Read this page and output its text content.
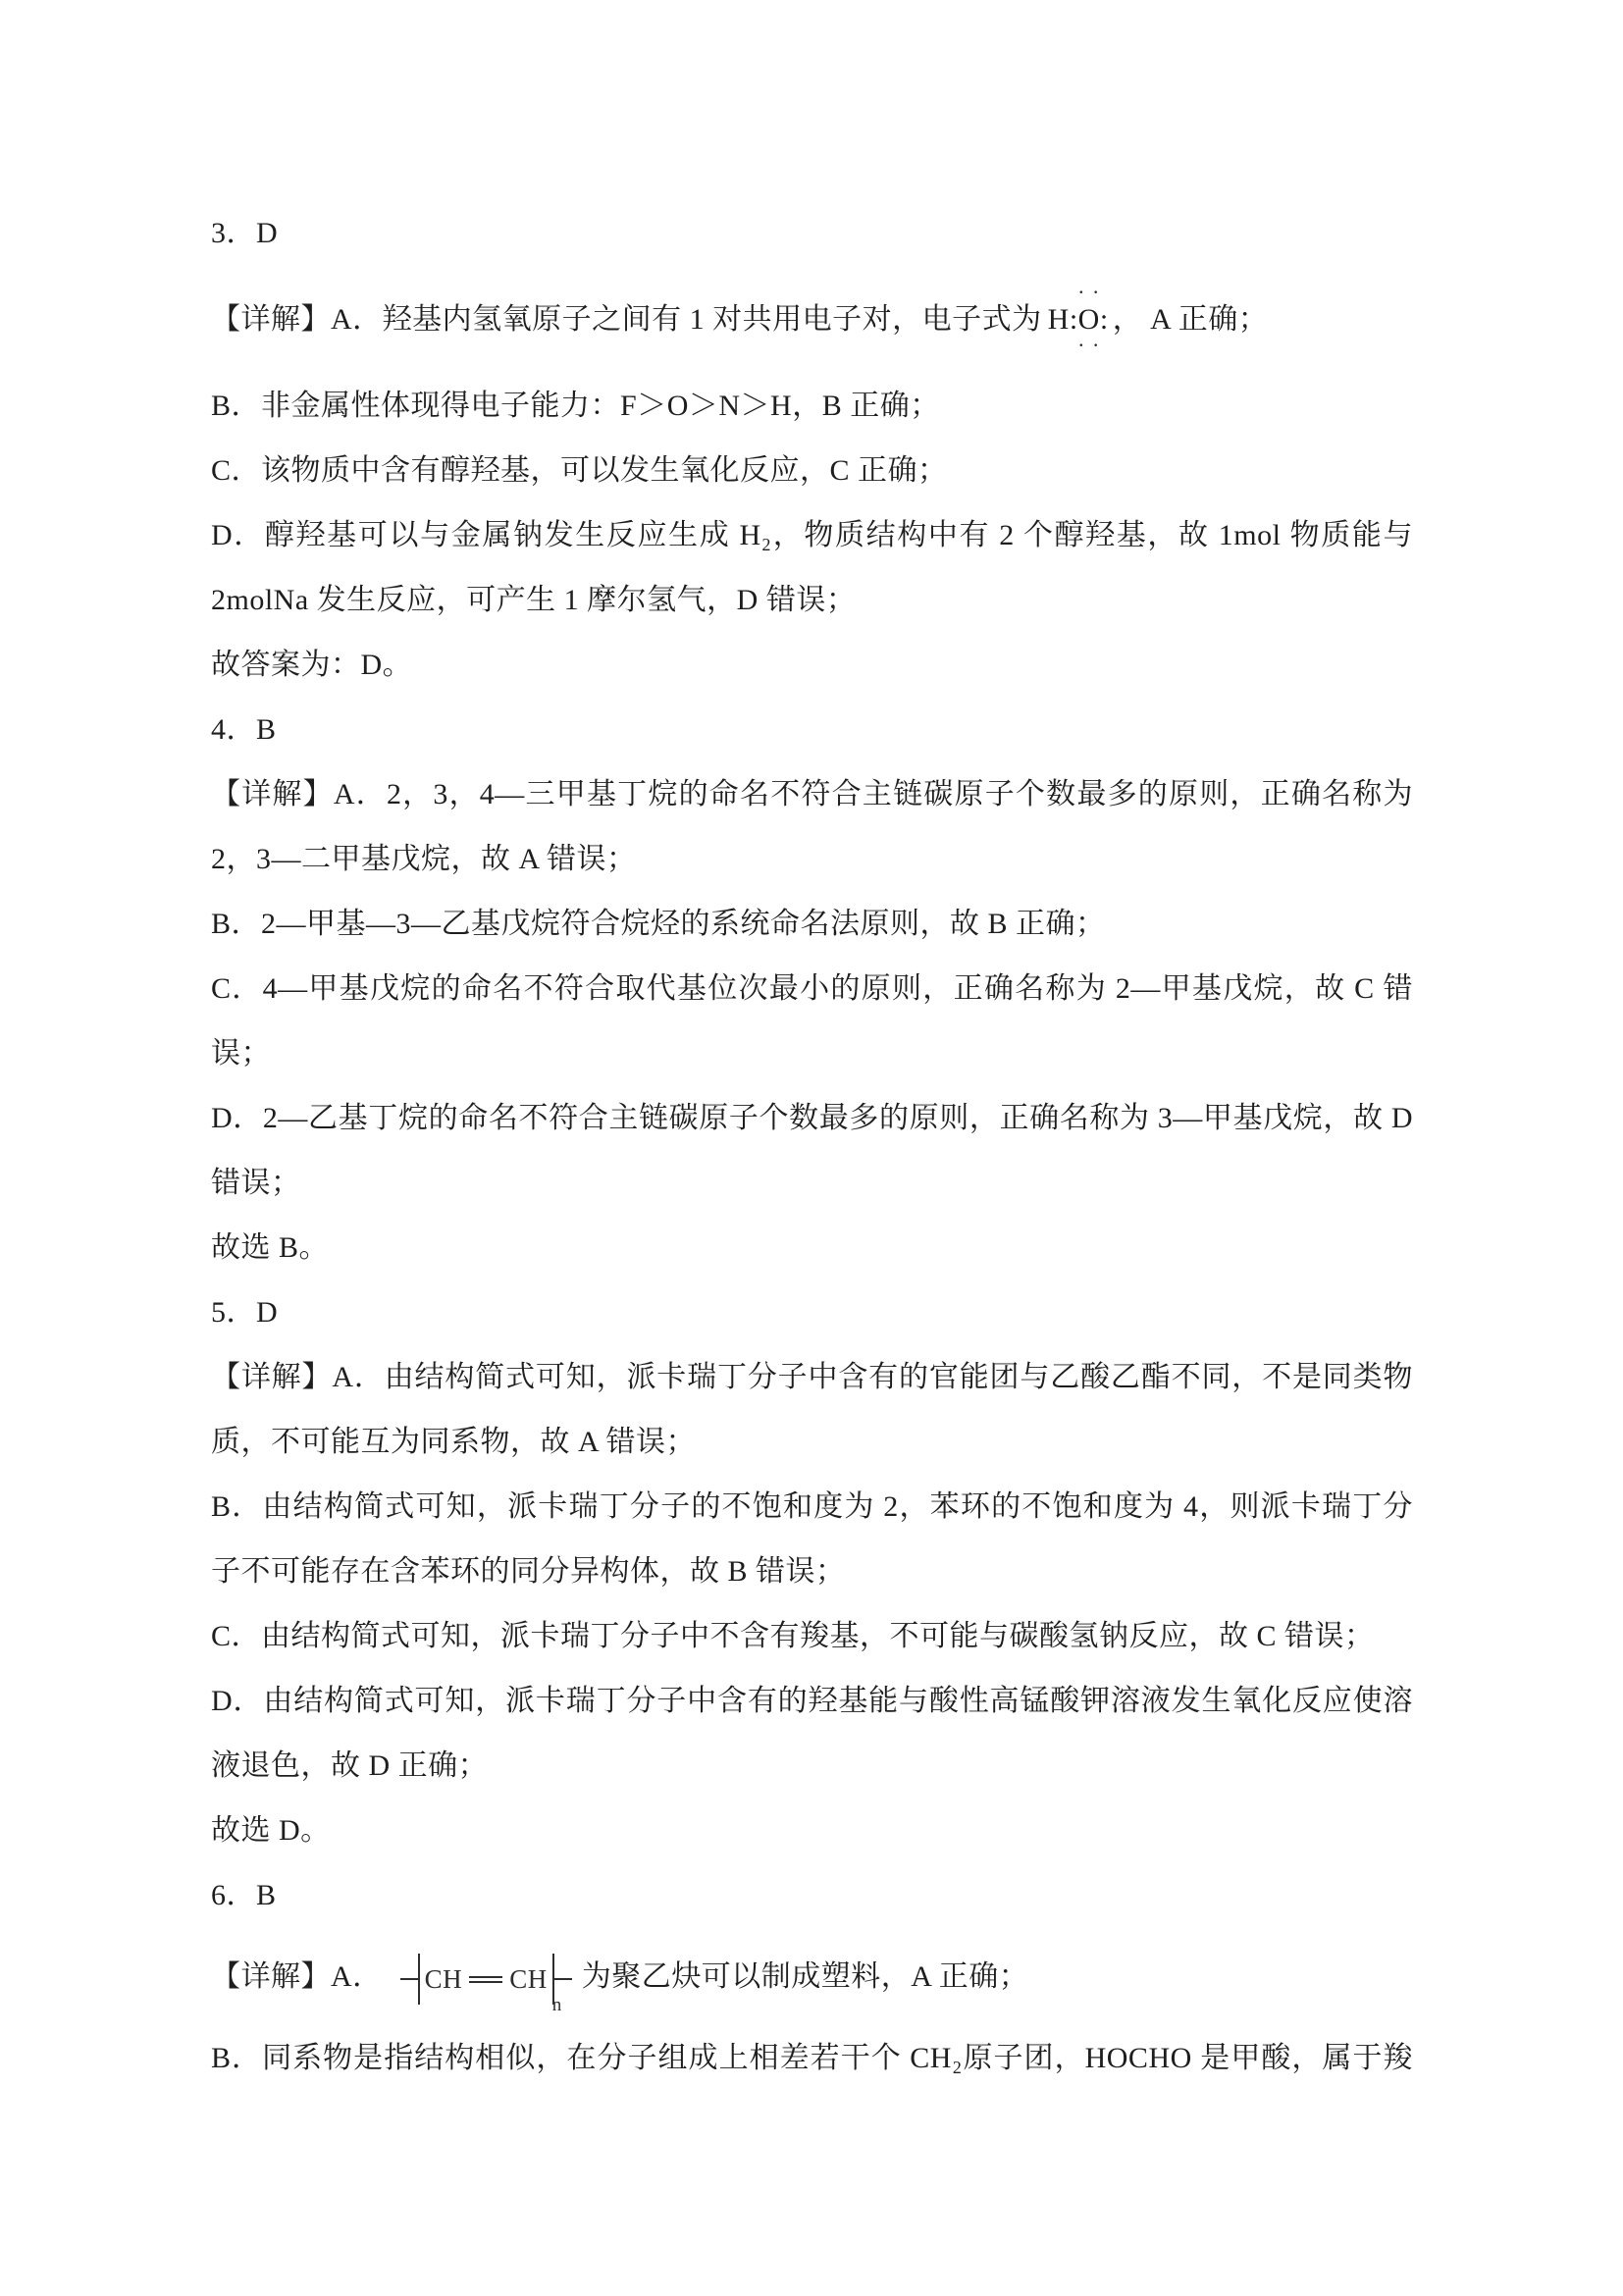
3．D
【详解】A．羟基内氢氧原子之间有 1 对共用电子对，电子式为 H:
· ·
O
· ·
: ， A 正确；
B．非金属性体现得电子能力：F＞O＞N＞H，B 正确；
C．该物质中含有醇羟基，可以发生氧化反应，C 正确；
D．醇羟基可以与金属钠发生反应生成 H₂，物质结构中有 2 个醇羟基，故 1mol 物质能与
2molNa 发生反应，可产生 1 摩尔氢气，D 错误；
故答案为：D。
4．B
【详解】A．2，3，4—三甲基丁烷的命名不符合主链碳原子个数最多的原则，正确名称为
2，3—二甲基戊烷，故 A 错误；
B．2—甲基—3—乙基戊烷符合烷烃的系统命名法原则，故 B 正确；
C．4—甲基戊烷的命名不符合取代基位次最小的原则，正确名称为 2—甲基戊烷，故 C 错
误；
D．2—乙基丁烷的命名不符合主链碳原子个数最多的原则，正确名称为 3—甲基戊烷，故 D
错误；
故选 B。
5．D
【详解】A．由结构简式可知，派卡瑞丁分子中含有的官能团与乙酸乙酯不同，不是同类物
质，不可能互为同系物，故 A 错误；
B．由结构简式可知，派卡瑞丁分子的不饱和度为 2，苯环的不饱和度为 4，则派卡瑞丁分
子不可能存在含苯环的同分异构体，故 B 错误；
C．由结构简式可知，派卡瑞丁分子中不含有羧基，不可能与碳酸氢钠反应，故 C 错误；
D．由结构简式可知，派卡瑞丁分子中含有的羟基能与酸性高锰酸钾溶液发生氧化反应使溶
液退色，故 D 正确；
故选 D。
6．B
【详解】A． CH CH
n
为聚乙炔可以制成塑料，A 正确；
B．同系物是指结构相似，在分子组成上相差若干个 CH₂原子团，HOCHO 是甲酸，属于羧
